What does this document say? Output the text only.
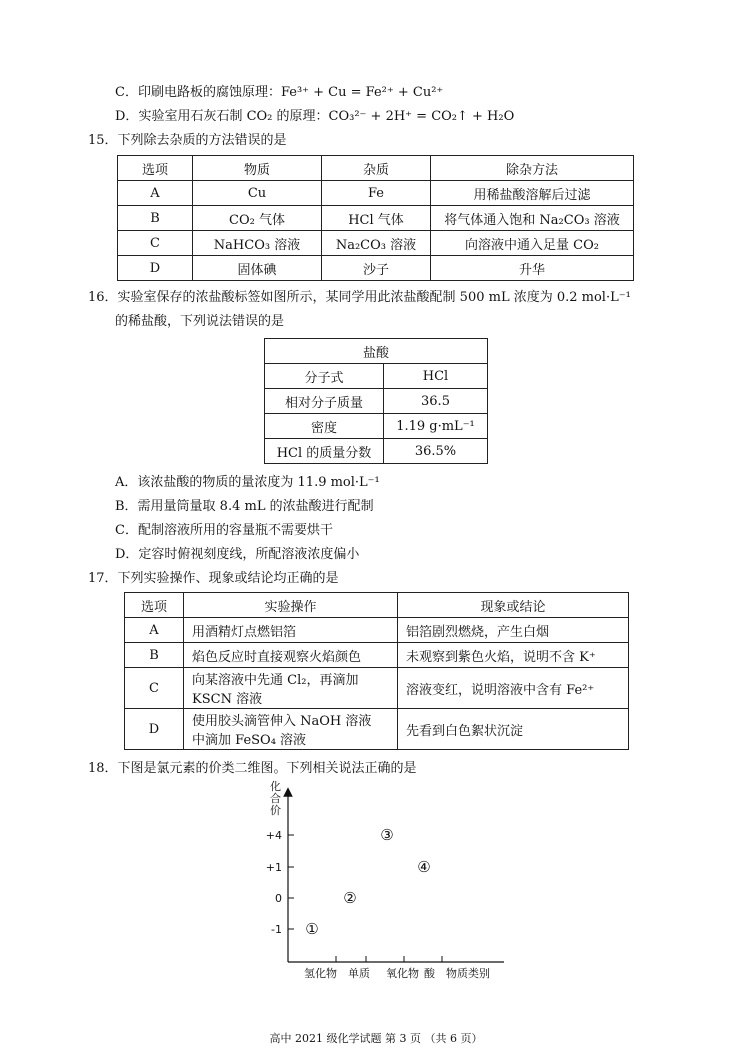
C．印刷电路板的腐蚀原理：Fe³⁺ + Cu = Fe²⁺ + Cu²⁺
D．实验室用石灰石制 CO₂ 的原理：CO₃²⁻ + 2H⁺ = CO₂↑ + H₂O
15．下列除去杂质的方法错误的是
选项	物质	杂质	除杂方法
A	Cu	Fe	用稀盐酸溶解后过滤
B	CO₂ 气体	HCl 气体	将气体通入饱和 Na₂CO₃ 溶液
C	NaHCO₃ 溶液	Na₂CO₃ 溶液	向溶液中通入足量 CO₂
D	固体碘	沙子	升华
16．实验室保存的浓盐酸标签如图所示，某同学用此浓盐酸配制 500 mL 浓度为 0.2 mol·L⁻¹
的稀盐酸，下列说法错误的是
盐酸	
分子式	HCl
相对分子质量	36.5
密度	1.19 g·mL⁻¹
HCl 的质量分数	36.5%
A．该浓盐酸的物质的量浓度为 11.9 mol·L⁻¹
B．需用量筒量取 8.4 mL 的浓盐酸进行配制
C．配制溶液所用的容量瓶不需要烘干
D．定容时俯视刻度线，所配溶液浓度偏小
17．下列实验操作、现象或结论均正确的是
选项	实验操作	现象或结论
A	用酒精灯点燃铝箔	铝箔剧烈燃烧，产生白烟
B	焰色反应时直接观察火焰颜色	未观察到紫色火焰，说明不含 K⁺
C	向某溶液中先通 Cl₂，再滴加
KSCN 溶液	溶液变红，说明溶液中含有 Fe²⁺
D	使用胶头滴管伸入 NaOH 溶液
中滴加 FeSO₄ 溶液	先看到白色絮状沉淀
18．下图是氯元素的价类二维图。下列相关说法正确的是
化
合
价
+4
+1
0
-1
氢化物 单质 氧化物 酸
①
②
③
④
物质类别
高中 2021 级化学试题 第 3 页 （共 6 页）
